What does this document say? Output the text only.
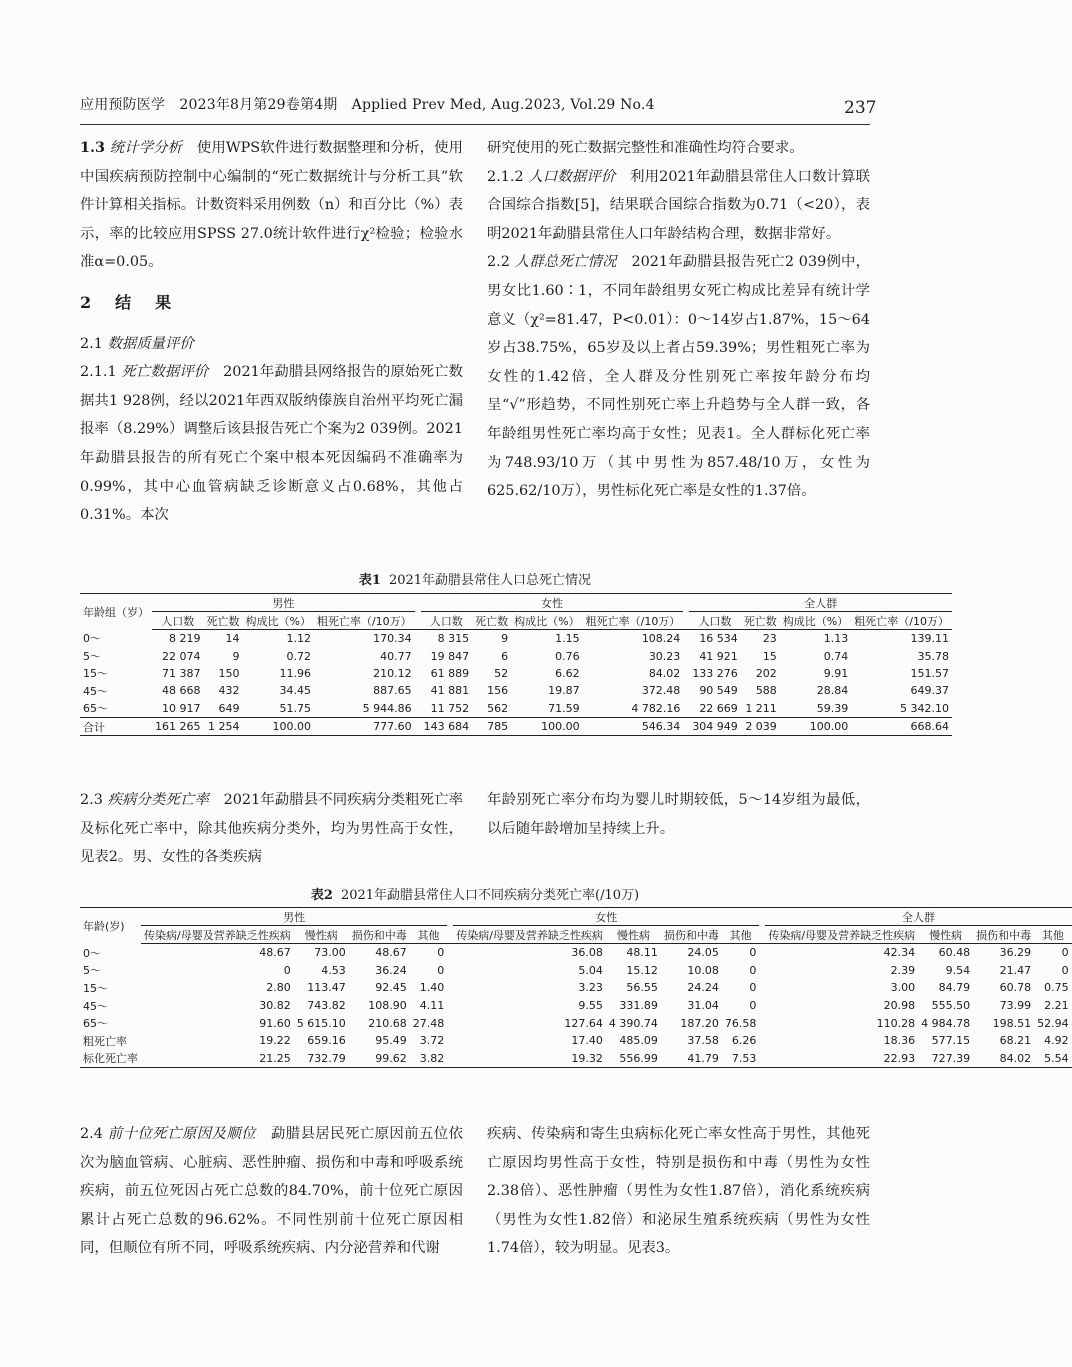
应用预防医学　2023年8月第29卷第4期　Applied Prev Med, Aug.2023, Vol.29 No.4	237

1.3 统计学分析 使用WPS软件进行数据整理和分析，使用中国疾病预防控制中心编制的“死亡数据统计与分析工具”软件计算相关指标。计数资料采用例数（n）和百分比（%）表示，率的比较应用SPSS 27.0统计软件进行χ²检验；检验水准α=0.05。

2　结　果

2.1 数据质量评价

2.1.1 死亡数据评价 2021年勐腊县网络报告的原始死亡数据共1 928例，经以2021年西双版纳傣族自治州平均死亡漏报率（8.29%）调整后该县报告死亡个案为2 039例。2021年勐腊县报告的所有死亡个案中根本死因编码不准确率为0.99%，其中心血管病缺乏诊断意义占0.68%，其他占0.31%。本次

研究使用的死亡数据完整性和准确性均符合要求。

2.1.2 人口数据评价 利用2021年勐腊县常住人口数计算联合国综合指数[5]，结果联合国综合指数为0.71（<20），表明2021年勐腊县常住人口年龄结构合理，数据非常好。

2.2 人群总死亡情况 2021年勐腊县报告死亡2 039例中，男女比1.60∶1，不同年龄组男女死亡构成比差异有统计学意义（χ²=81.47，P<0.01）：0～14岁占1.87%，15～64岁占38.75%，65岁及以上者占59.39%；男性粗死亡率为女性的1.42倍，全人群及分性别死亡率按年龄分布均呈“√”形趋势，不同性别死亡率上升趋势与全人群一致，各年龄组男性死亡率均高于女性；见表1。全人群标化死亡率为748.93/10万（其中男性为857.48/10万，女性为625.62/10万），男性标化死亡率是女性的1.37倍。

表1 2021年勐腊县常住人口总死亡情况
年龄组（岁）	男性					女性					全人群			
	人口数	死亡数	构成比（%）	粗死亡率（/10万）		人口数	死亡数	构成比（%）	粗死亡率（/10万）		人口数	死亡数	构成比（%）	粗死亡率（/10万）
0～	8 219	14	1.12	170.34		8 315	9	1.15	108.24		16 534	23	1.13	139.11
5～	22 074	9	0.72	40.77		19 847	6	0.76	30.23		41 921	15	0.74	35.78
15～	71 387	150	11.96	210.12		61 889	52	6.62	84.02		133 276	202	9.91	151.57
45～	48 668	432	34.45	887.65		41 881	156	19.87	372.48		90 549	588	28.84	649.37
65～	10 917	649	51.75	5 944.86		11 752	562	71.59	4 782.16		22 669	1 211	59.39	5 342.10
合计	161 265	1 254	100.00	777.60		143 684	785	100.00	546.34		304 949	2 039	100.00	668.64

2.3 疾病分类死亡率 2021年勐腊县不同疾病分类粗死亡率及标化死亡率中，除其他疾病分类外，均为男性高于女性，见表2。男、女性的各类疾病

年龄别死亡率分布均为婴儿时期较低，5～14岁组为最低，以后随年龄增加呈持续上升。

表2 2021年勐腊县常住人口不同疾病分类死亡率(/10万)
年龄(岁)	男性					女性					全人群			
	传染病/母婴及营养缺乏性疾病	慢性病	损伤和中毒	其他		传染病/母婴及营养缺乏性疾病	慢性病	损伤和中毒	其他		传染病/母婴及营养缺乏性疾病	慢性病	损伤和中毒	其他
0～	48.67	73.00	48.67	0		36.08	48.11	24.05	0		42.34	60.48	36.29	0
5～	0	4.53	36.24	0		5.04	15.12	10.08	0		2.39	9.54	21.47	0
15～	2.80	113.47	92.45	1.40		3.23	56.55	24.24	0		3.00	84.79	60.78	0.75
45～	30.82	743.82	108.90	4.11		9.55	331.89	31.04	0		20.98	555.50	73.99	2.21
65～	91.60	5 615.10	210.68	27.48		127.64	4 390.74	187.20	76.58		110.28	4 984.78	198.51	52.94
粗死亡率	19.22	659.16	95.49	3.72		17.40	485.09	37.58	6.26		18.36	577.15	68.21	4.92
标化死亡率	21.25	732.79	99.62	3.82		19.32	556.99	41.79	7.53		22.93	727.39	84.02	5.54

2.4 前十位死亡原因及顺位 勐腊县居民死亡原因前五位依次为脑血管病、心脏病、恶性肿瘤、损伤和中毒和呼吸系统疾病，前五位死因占死亡总数的84.70%，前十位死亡原因累计占死亡总数的96.62%。不同性别前十位死亡原因相同，但顺位有所不同，呼吸系统疾病、内分泌营养和代谢

疾病、传染病和寄生虫病标化死亡率女性高于男性，其他死亡原因均男性高于女性，特别是损伤和中毒（男性为女性2.38倍）、恶性肿瘤（男性为女性1.87倍），消化系统疾病（男性为女性1.82倍）和泌尿生殖系统疾病（男性为女性1.74倍），较为明显。见表3。
